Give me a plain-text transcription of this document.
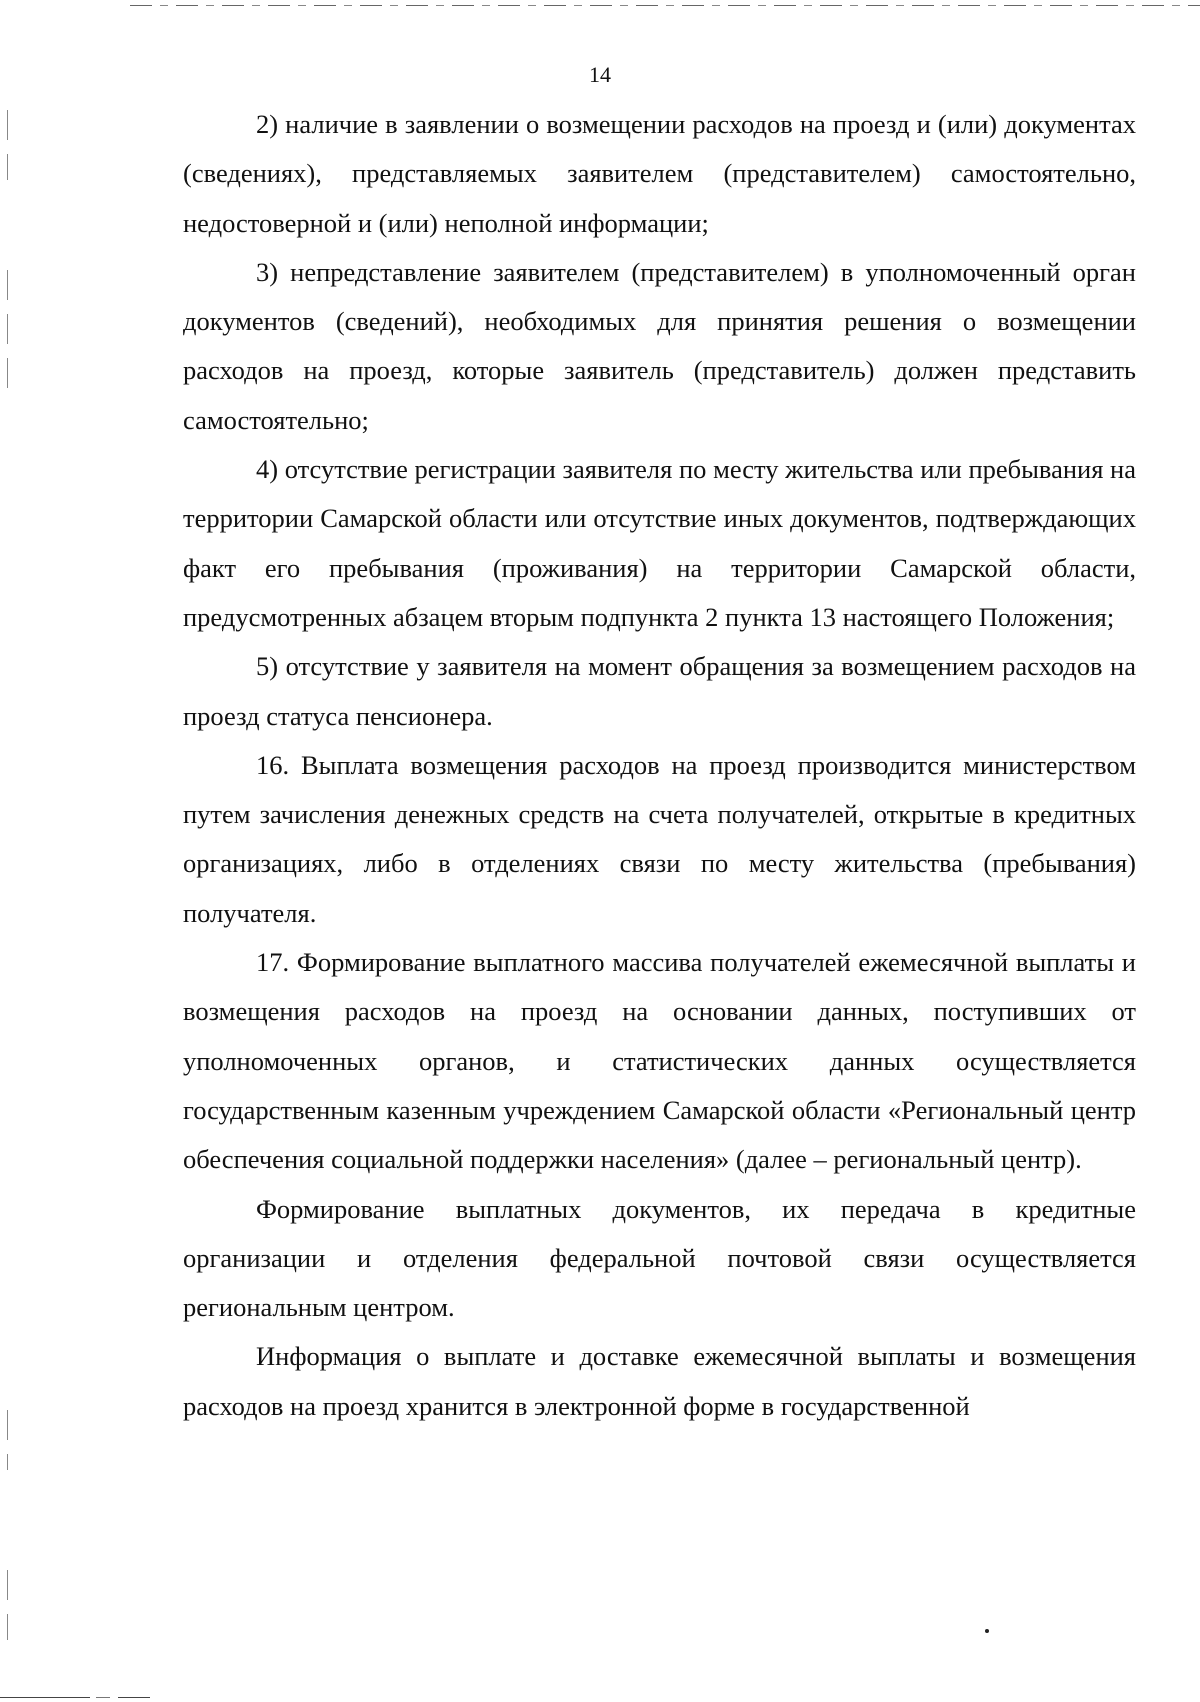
14

2) наличие в заявлении о возмещении расходов на проезд и (или) документах (сведениях), представляемых заявителем (представителем) самостоятельно, недостоверной и (или) неполной информации;

3) непредставление заявителем (представителем) в уполномоченный орган документов (сведений), необходимых для принятия решения о возмещении расходов на проезд, которые заявитель (представитель) должен представить самостоятельно;

4) отсутствие регистрации заявителя по месту жительства или пребывания на территории Самарской области или отсутствие иных документов, подтверждающих факт его пребывания (проживания) на территории Самарской области, предусмотренных абзацем вторым подпункта 2 пункта 13 настоящего Положения;

5) отсутствие у заявителя на момент обращения за возмещением расходов на проезд статуса пенсионера.

16. Выплата возмещения расходов на проезд производится министерством путем зачисления денежных средств на счета получателей, открытые в кредитных организациях, либо в отделениях связи по месту жительства (пребывания) получателя.

17. Формирование выплатного массива получателей ежемесячной выплаты и возмещения расходов на проезд на основании данных, поступивших от уполномоченных органов, и статистических данных осуществляется государственным казенным учреждением Самарской области «Региональный центр обеспечения социальной поддержки населения» (далее – региональный центр).

Формирование выплатных документов, их передача в кредитные организации и отделения федеральной почтовой связи осуществляется региональным центром.

Информация о выплате и доставке ежемесячной выплаты и возмещения расходов на проезд хранится в электронной форме в государственной
